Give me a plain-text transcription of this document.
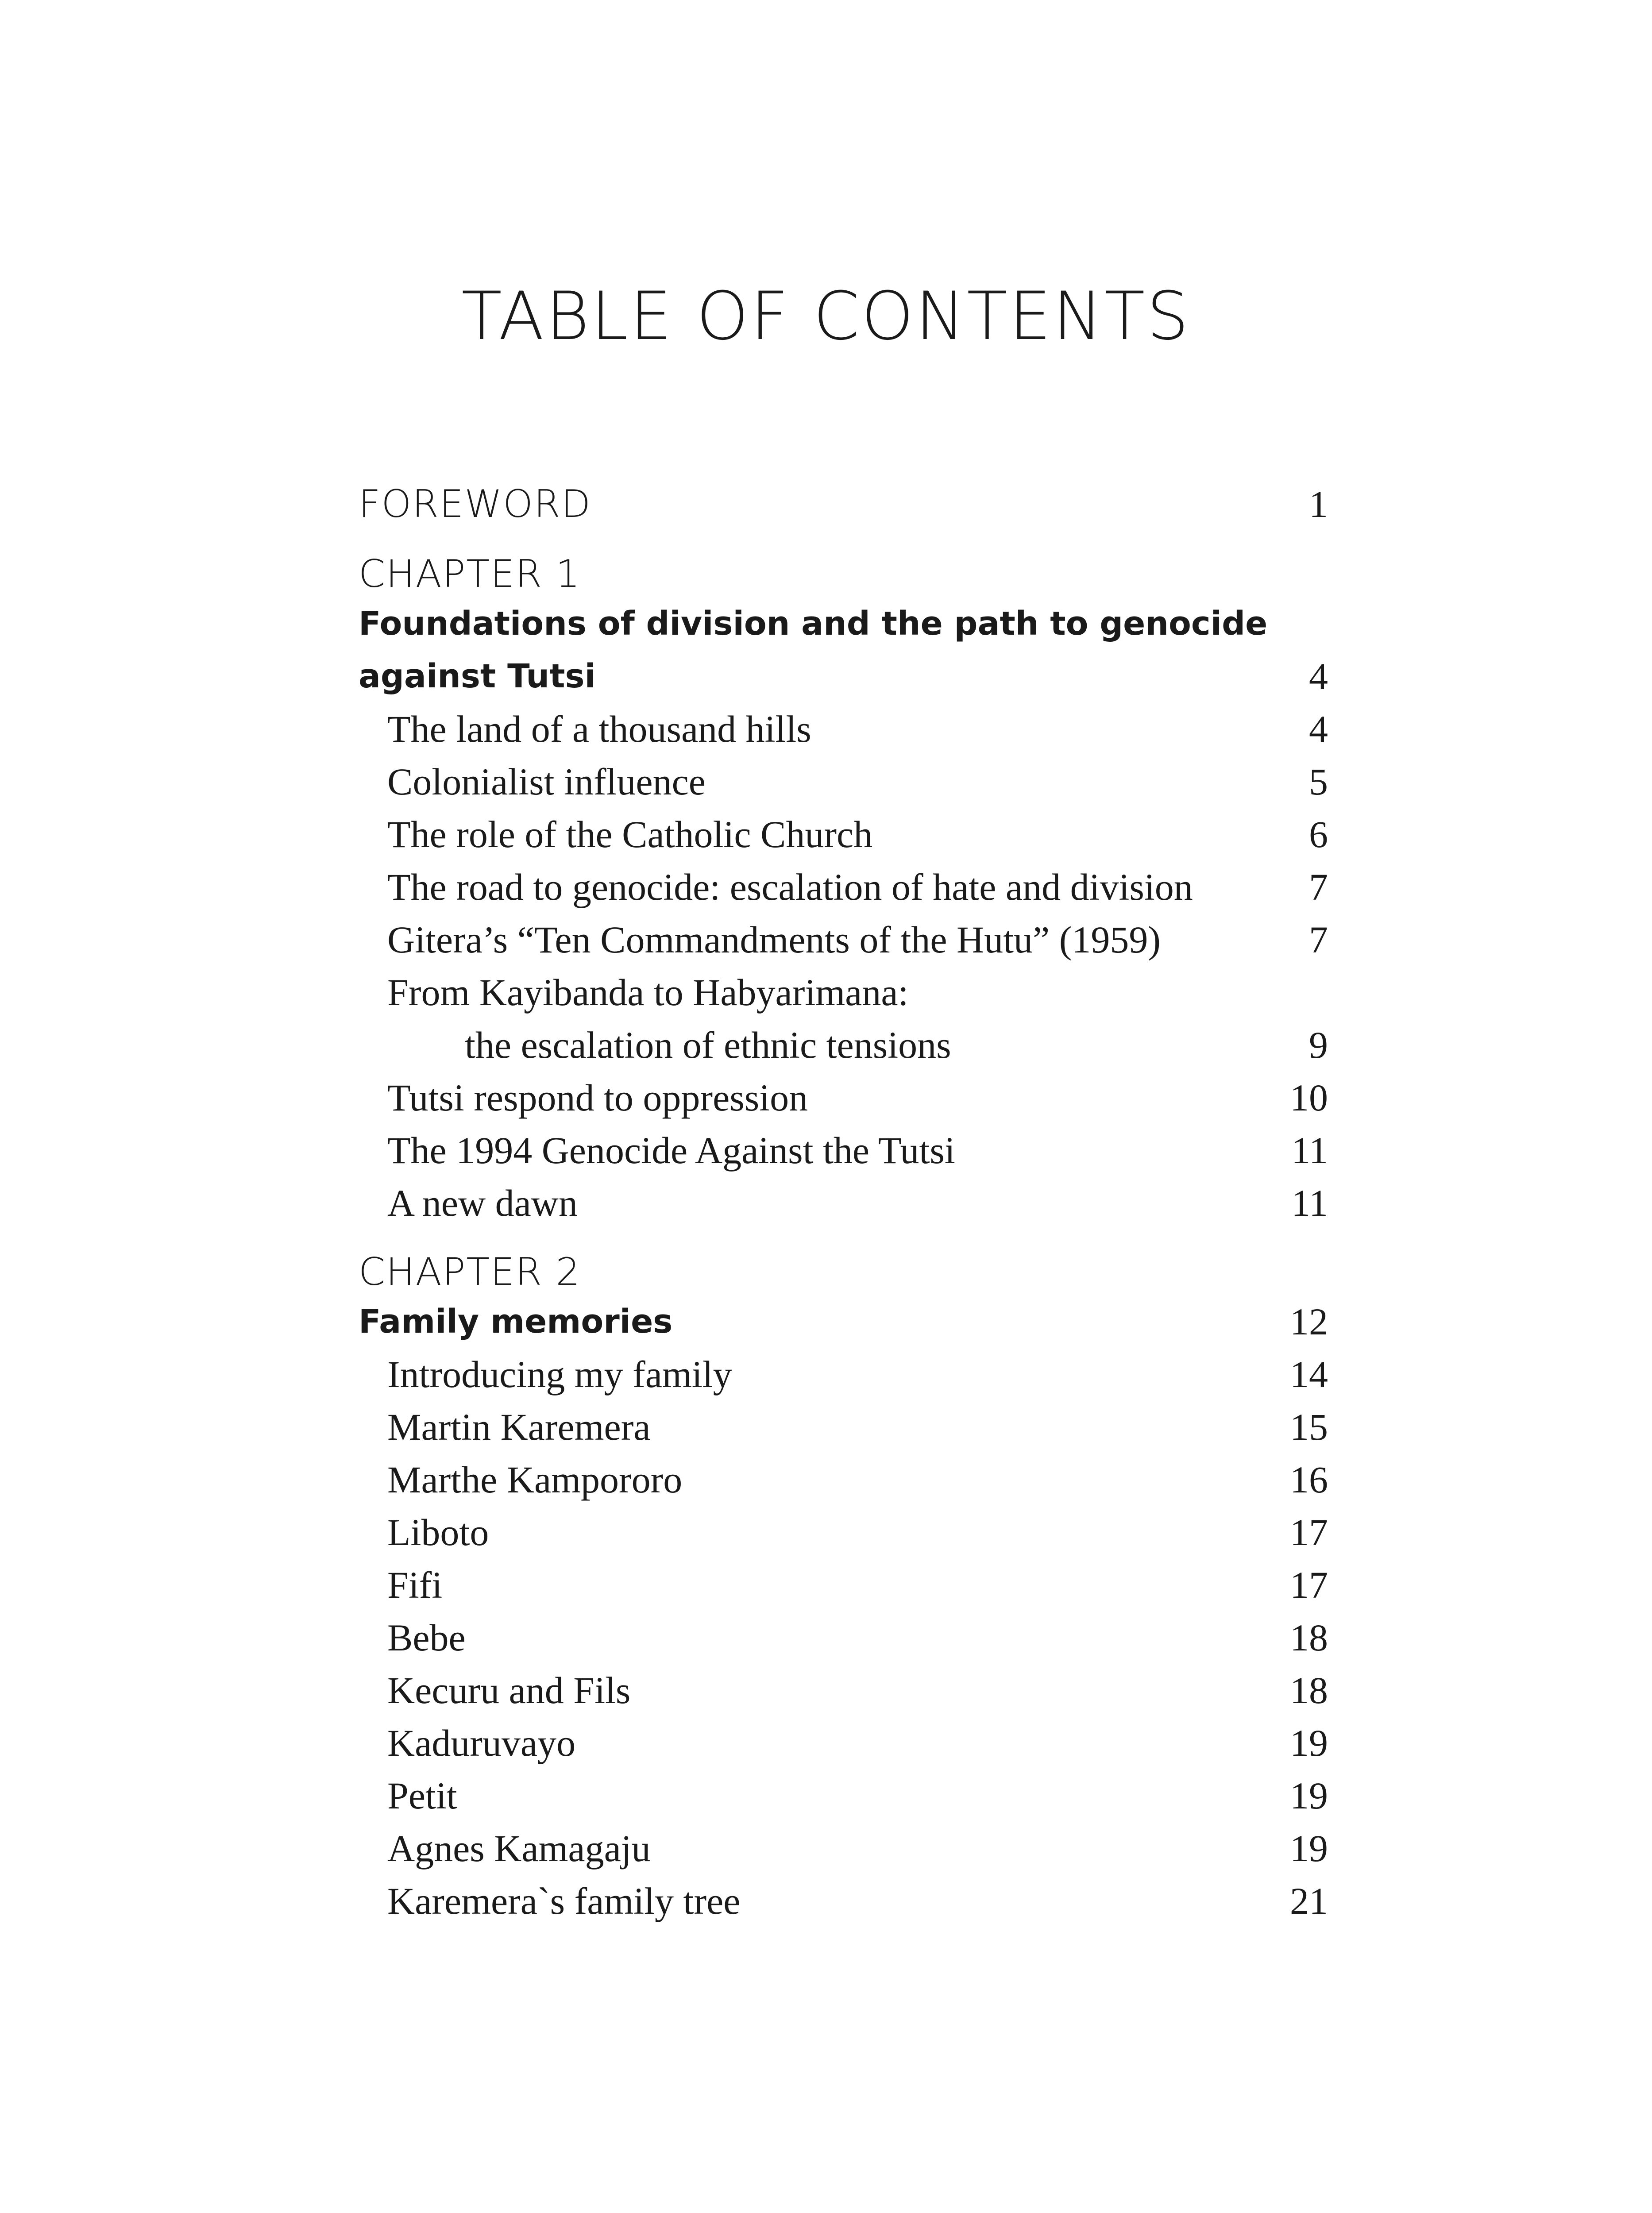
TABLE OF CONTENTS
FOREWORD	1
CHAPTER 1
Foundations of division and the path to genocide
against Tutsi	4
The land of a thousand hills	4
Colonialist influence	5
The role of the Catholic Church	6
The road to genocide: escalation of hate and division	7
Gitera’s “Ten Commandments of the Hutu” (1959)	7
From Kayibanda to Habyarimana:
the escalation of ethnic tensions	9
Tutsi respond to oppression	10
The 1994 Genocide Against the Tutsi	11
A new dawn	11
CHAPTER 2
Family memories	12
Introducing my family	14
Martin Karemera	15
Marthe Kampororo	16
Liboto	17
Fifi	17
Bebe	18
Kecuru and Fils	18
Kaduruvayo	19
Petit	19
Agnes Kamagaju	19
Karemera`s family tree	21
